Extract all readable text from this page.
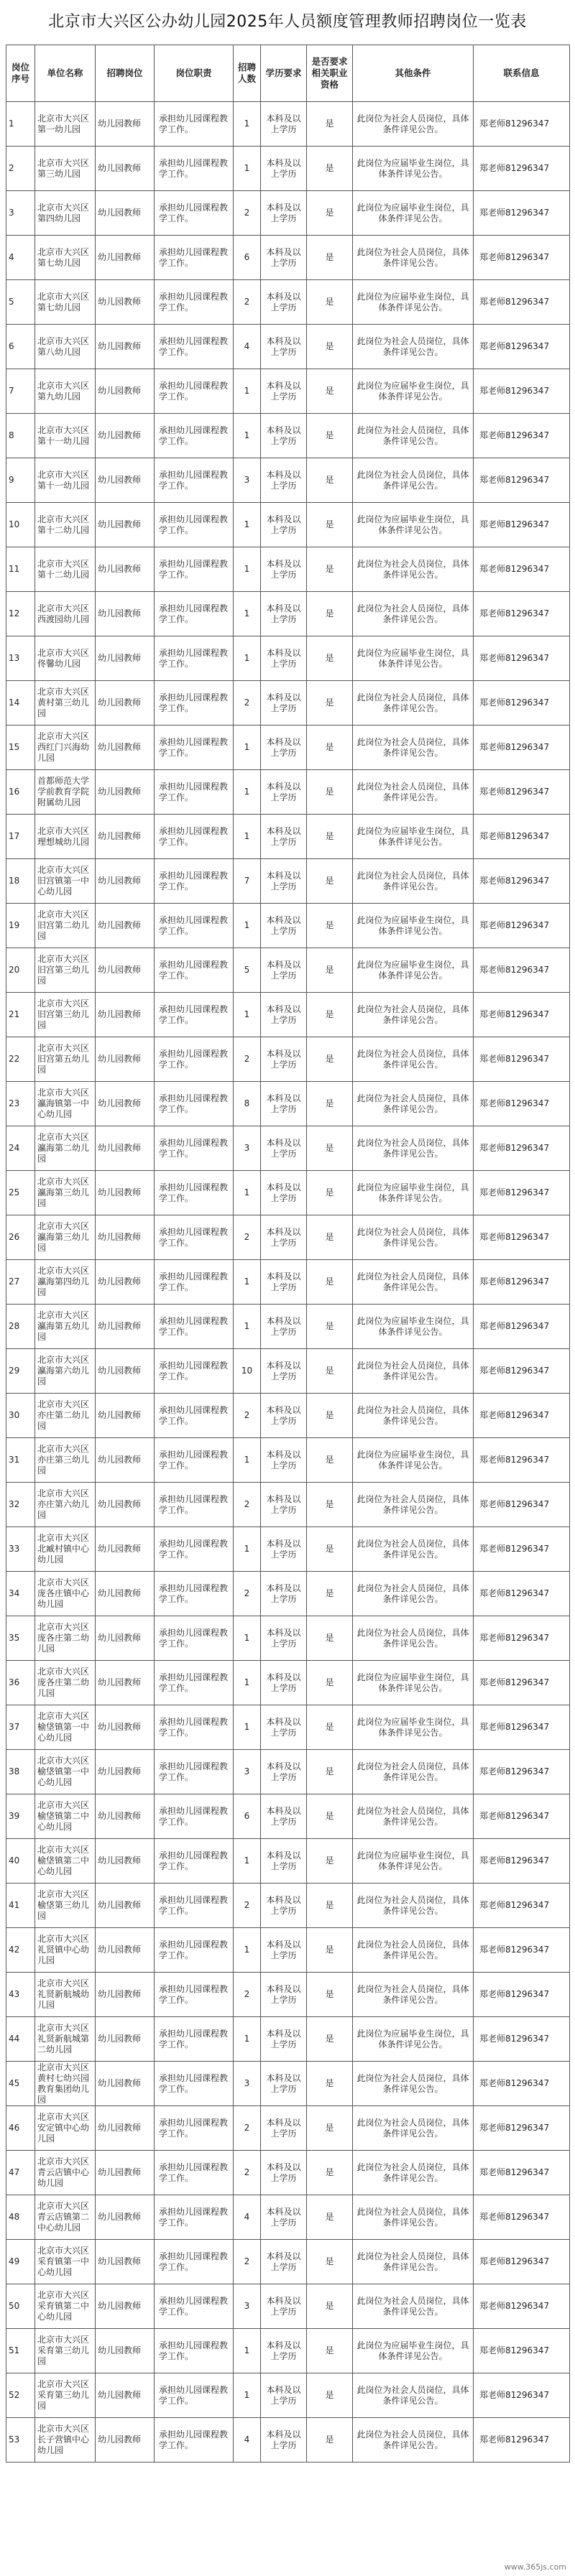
北京市大兴区公办幼儿园2025年人员额度管理教师招聘岗位一览表
岗位序号	单位名称	招聘岗位	岗位职责	招聘人数	学历要求	是否要求相关职业资格	其他条件	联系信息
1	北京市大兴区第一幼儿园	幼儿园教师	承担幼儿园课程教学工作。	1	本科及以上学历	是	此岗位为社会人员岗位，具体条件详见公告。	郑老师81296347
2	北京市大兴区第三幼儿园	幼儿园教师	承担幼儿园课程教学工作。	1	本科及以上学历	是	此岗位为应届毕业生岗位，具体条件详见公告。	郑老师81296347
3	北京市大兴区第四幼儿园	幼儿园教师	承担幼儿园课程教学工作。	2	本科及以上学历	是	此岗位为应届毕业生岗位，具体条件详见公告。	郑老师81296347
4	北京市大兴区第七幼儿园	幼儿园教师	承担幼儿园课程教学工作。	6	本科及以上学历	是	此岗位为社会人员岗位，具体条件详见公告。	郑老师81296347
5	北京市大兴区第七幼儿园	幼儿园教师	承担幼儿园课程教学工作。	2	本科及以上学历	是	此岗位为应届毕业生岗位，具体条件详见公告。	郑老师81296347
6	北京市大兴区第八幼儿园	幼儿园教师	承担幼儿园课程教学工作。	4	本科及以上学历	是	此岗位为社会人员岗位，具体条件详见公告。	郑老师81296347
7	北京市大兴区第九幼儿园	幼儿园教师	承担幼儿园课程教学工作。	1	本科及以上学历	是	此岗位为应届毕业生岗位，具体条件详见公告。	郑老师81296347
8	北京市大兴区第十一幼儿园	幼儿园教师	承担幼儿园课程教学工作。	1	本科及以上学历	是	此岗位为社会人员岗位，具体条件详见公告。	郑老师81296347
9	北京市大兴区第十一幼儿园	幼儿园教师	承担幼儿园课程教学工作。	3	本科及以上学历	是	此岗位为社会人员岗位，具体条件详见公告。	郑老师81296347
10	北京市大兴区第十二幼儿园	幼儿园教师	承担幼儿园课程教学工作。	1	本科及以上学历	是	此岗位为应届毕业生岗位，具体条件详见公告。	郑老师81296347
11	北京市大兴区第十二幼儿园	幼儿园教师	承担幼儿园课程教学工作。	1	本科及以上学历	是	此岗位为社会人员岗位，具体条件详见公告。	郑老师81296347
12	北京市大兴区西渡园幼儿园	幼儿园教师	承担幼儿园课程教学工作。	1	本科及以上学历	是	此岗位为社会人员岗位，具体条件详见公告。	郑老师81296347
13	北京市大兴区佟馨幼儿园	幼儿园教师	承担幼儿园课程教学工作。	1	本科及以上学历	是	此岗位为应届毕业生岗位，具体条件详见公告。	郑老师81296347
14	北京市大兴区黄村第三幼儿园	幼儿园教师	承担幼儿园课程教学工作。	2	本科及以上学历	是	此岗位为社会人员岗位，具体条件详见公告。	郑老师81296347
15	北京市大兴区西红门兴海幼儿园	幼儿园教师	承担幼儿园课程教学工作。	1	本科及以上学历	是	此岗位为社会人员岗位，具体条件详见公告。	郑老师81296347
16	首都师范大学学前教育学院附属幼儿园	幼儿园教师	承担幼儿园课程教学工作。	1	本科及以上学历	是	此岗位为社会人员岗位，具体条件详见公告。	郑老师81296347
17	北京市大兴区理想城幼儿园	幼儿园教师	承担幼儿园课程教学工作。	1	本科及以上学历	是	此岗位为应届毕业生岗位，具体条件详见公告。	郑老师81296347
18	北京市大兴区旧宫镇第一中心幼儿园	幼儿园教师	承担幼儿园课程教学工作。	7	本科及以上学历	是	此岗位为社会人员岗位，具体条件详见公告。	郑老师81296347
19	北京市大兴区旧宫第二幼儿园	幼儿园教师	承担幼儿园课程教学工作。	1	本科及以上学历	是	此岗位为应届毕业生岗位，具体条件详见公告。	郑老师81296347
20	北京市大兴区旧宫第三幼儿园	幼儿园教师	承担幼儿园课程教学工作。	5	本科及以上学历	是	此岗位为应届毕业生岗位，具体条件详见公告。	郑老师81296347
21	北京市大兴区旧宫第三幼儿园	幼儿园教师	承担幼儿园课程教学工作。	1	本科及以上学历	是	此岗位为社会人员岗位，具体条件详见公告。	郑老师81296347
22	北京市大兴区旧宫第五幼儿园	幼儿园教师	承担幼儿园课程教学工作。	2	本科及以上学历	是	此岗位为社会人员岗位，具体条件详见公告。	郑老师81296347
23	北京市大兴区瀛海镇第一中心幼儿园	幼儿园教师	承担幼儿园课程教学工作。	8	本科及以上学历	是	此岗位为社会人员岗位，具体条件详见公告。	郑老师81296347
24	北京市大兴区瀛海第二幼儿园	幼儿园教师	承担幼儿园课程教学工作。	3	本科及以上学历	是	此岗位为社会人员岗位，具体条件详见公告。	郑老师81296347
25	北京市大兴区瀛海第三幼儿园	幼儿园教师	承担幼儿园课程教学工作。	1	本科及以上学历	是	此岗位为应届毕业生岗位，具体条件详见公告。	郑老师81296347
26	北京市大兴区瀛海第三幼儿园	幼儿园教师	承担幼儿园课程教学工作。	2	本科及以上学历	是	此岗位为社会人员岗位，具体条件详见公告。	郑老师81296347
27	北京市大兴区瀛海第四幼儿园	幼儿园教师	承担幼儿园课程教学工作。	1	本科及以上学历	是	此岗位为社会人员岗位，具体条件详见公告。	郑老师81296347
28	北京市大兴区瀛海第五幼儿园	幼儿园教师	承担幼儿园课程教学工作。	1	本科及以上学历	是	此岗位为应届毕业生岗位，具体条件详见公告。	郑老师81296347
29	北京市大兴区瀛海第六幼儿园	幼儿园教师	承担幼儿园课程教学工作。	10	本科及以上学历	是	此岗位为社会人员岗位，具体条件详见公告。	郑老师81296347
30	北京市大兴区亦庄第二幼儿园	幼儿园教师	承担幼儿园课程教学工作。	2	本科及以上学历	是	此岗位为社会人员岗位，具体条件详见公告。	郑老师81296347
31	北京市大兴区亦庄第三幼儿园	幼儿园教师	承担幼儿园课程教学工作。	1	本科及以上学历	是	此岗位为应届毕业生岗位，具体条件详见公告。	郑老师81296347
32	北京市大兴区亦庄第六幼儿园	幼儿园教师	承担幼儿园课程教学工作。	2	本科及以上学历	是	此岗位为社会人员岗位，具体条件详见公告。	郑老师81296347
33	北京市大兴区北臧村镇中心幼儿园	幼儿园教师	承担幼儿园课程教学工作。	1	本科及以上学历	是	此岗位为社会人员岗位，具体条件详见公告。	郑老师81296347
34	北京市大兴区庞各庄镇中心幼儿园	幼儿园教师	承担幼儿园课程教学工作。	2	本科及以上学历	是	此岗位为社会人员岗位，具体条件详见公告。	郑老师81296347
35	北京市大兴区庞各庄第二幼儿园	幼儿园教师	承担幼儿园课程教学工作。	1	本科及以上学历	是	此岗位为社会人员岗位，具体条件详见公告。	郑老师81296347
36	北京市大兴区庞各庄第二幼儿园	幼儿园教师	承担幼儿园课程教学工作。	1	本科及以上学历	是	此岗位为应届毕业生岗位，具体条件详见公告。	郑老师81296347
37	北京市大兴区榆垡镇第一中心幼儿园	幼儿园教师	承担幼儿园课程教学工作。	1	本科及以上学历	是	此岗位为应届毕业生岗位，具体条件详见公告。	郑老师81296347
38	北京市大兴区榆垡镇第一中心幼儿园	幼儿园教师	承担幼儿园课程教学工作。	3	本科及以上学历	是	此岗位为社会人员岗位，具体条件详见公告。	郑老师81296347
39	北京市大兴区榆垡镇第二中心幼儿园	幼儿园教师	承担幼儿园课程教学工作。	6	本科及以上学历	是	此岗位为社会人员岗位，具体条件详见公告。	郑老师81296347
40	北京市大兴区榆垡镇第二中心幼儿园	幼儿园教师	承担幼儿园课程教学工作。	1	本科及以上学历	是	此岗位为应届毕业生岗位，具体条件详见公告。	郑老师81296347
41	北京市大兴区榆垡第三幼儿园	幼儿园教师	承担幼儿园课程教学工作。	2	本科及以上学历	是	此岗位为社会人员岗位，具体条件详见公告。	郑老师81296347
42	北京市大兴区礼贤镇中心幼儿园	幼儿园教师	承担幼儿园课程教学工作。	1	本科及以上学历	是	此岗位为社会人员岗位，具体条件详见公告。	郑老师81296347
43	北京市大兴区礼贤新航城幼儿园	幼儿园教师	承担幼儿园课程教学工作。	2	本科及以上学历	是	此岗位为社会人员岗位，具体条件详见公告。	郑老师81296347
44	北京市大兴区礼贤新航城第二幼儿园	幼儿园教师	承担幼儿园课程教学工作。	1	本科及以上学历	是	此岗位为应届毕业生岗位，具体条件详见公告。	郑老师81296347
45	北京市大兴区黄村七幼兴园教育集团幼儿园	幼儿园教师	承担幼儿园课程教学工作。	3	本科及以上学历	是	此岗位为社会人员岗位，具体条件详见公告。	郑老师81296347
46	北京市大兴区安定镇中心幼儿园	幼儿园教师	承担幼儿园课程教学工作。	2	本科及以上学历	是	此岗位为社会人员岗位，具体条件详见公告。	郑老师81296347
47	北京市大兴区青云店镇中心幼儿园	幼儿园教师	承担幼儿园课程教学工作。	2	本科及以上学历	是	此岗位为社会人员岗位，具体条件详见公告。	郑老师81296347
48	北京市大兴区青云店镇第二中心幼儿园	幼儿园教师	承担幼儿园课程教学工作。	4	本科及以上学历	是	此岗位为社会人员岗位，具体条件详见公告。	郑老师81296347
49	北京市大兴区采育镇第一中心幼儿园	幼儿园教师	承担幼儿园课程教学工作。	2	本科及以上学历	是	此岗位为社会人员岗位，具体条件详见公告。	郑老师81296347
50	北京市大兴区采育镇第二中心幼儿园	幼儿园教师	承担幼儿园课程教学工作。	3	本科及以上学历	是	此岗位为社会人员岗位，具体条件详见公告。	郑老师81296347
51	北京市大兴区采育第三幼儿园	幼儿园教师	承担幼儿园课程教学工作。	1	本科及以上学历	是	此岗位为应届毕业生岗位，具体条件详见公告。	郑老师81296347
52	北京市大兴区采育第三幼儿园	幼儿园教师	承担幼儿园课程教学工作。	1	本科及以上学历	是	此岗位为社会人员岗位，具体条件详见公告。	郑老师81296347
53	北京市大兴区长子营镇中心幼儿园	幼儿园教师	承担幼儿园课程教学工作。	4	本科及以上学历	是	此岗位为社会人员岗位，具体条件详见公告。	郑老师81296347
www.365js.com
